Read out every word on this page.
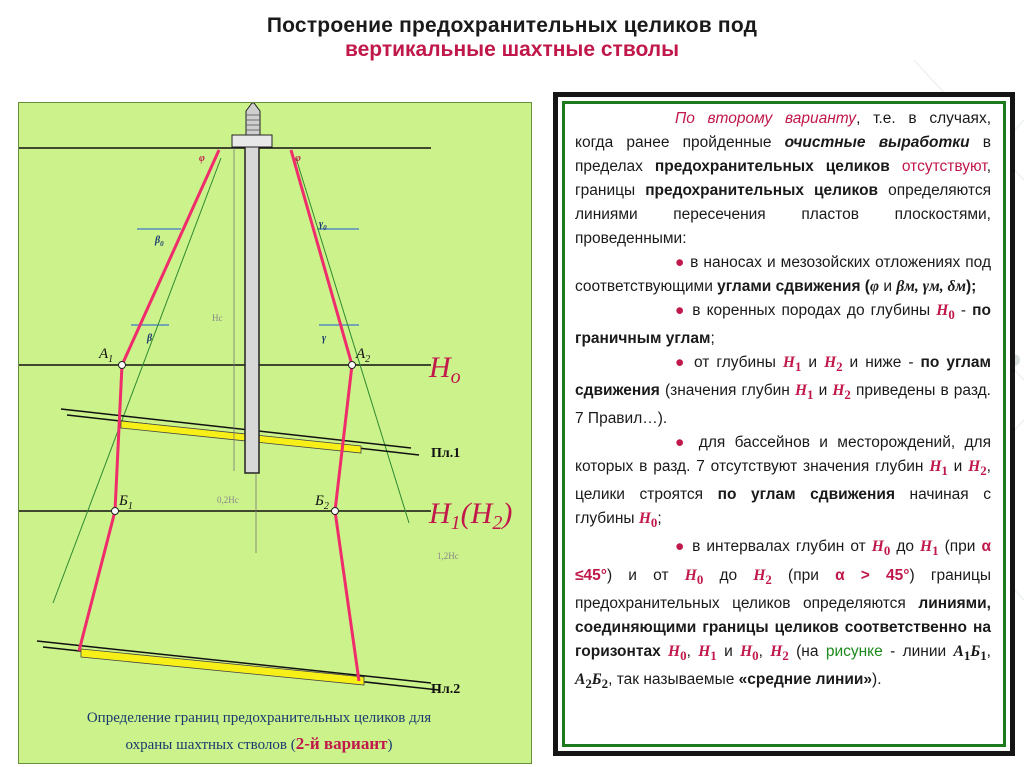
Построение предохранительных целиков под
вертикальные шахтные стволы
Hc
0,2Hc
1,2Hc
φ	φ
$\beta_0$
$\gamma_0$
β	γ
$А_1$	$А_2$
$Б_1$	$Б_2$
$H_о$
$H_1(H_2)$
Пл.1
Пл.2
Определение границ предохранительных целиков для
охраны шахтных стволов (2-й вариант)

По втором​у варианту, т.е. в случаях, когда ранее пройденные очистные выработки в пределах предохранительных целиков отсутствуют, границы предохранительных целиков определяются линиями пересечения пластов плоскостями, проведенными:

● в наносах и мезозойских отложениях под соответствующими углами сдвижения (φ и βм, γм, δм);

● в коренных породах до глубины $H_0$ - по граничным углам;

● от глубины $H_1$ и $H_2$ и ниже - по углам сдвижения (значения глубин $H_1$ и $H_2$ приведены в разд. 7 Правил…).

● для бассейнов и месторождений, для которых в разд. 7 отсутствуют значения глубин $H_1$ и $H_2$, целики строятся по углам сдвижения начиная с глубины $H_0$;

● в интервалах глубин от $H_0$ до $H_1$ (при α ≤45°) и от $H_0$ до $H_2$ (при α > 45°) границы предохранительных целиков определяются линиями, соединяющими границы целиков соответственно на горизонтах $H_0$, $H_1$ и $H_0$, $H_2$ (на рисунке - линии $А_1Б_1$, $А_2Б_2$, так называемые «средние линии»).
